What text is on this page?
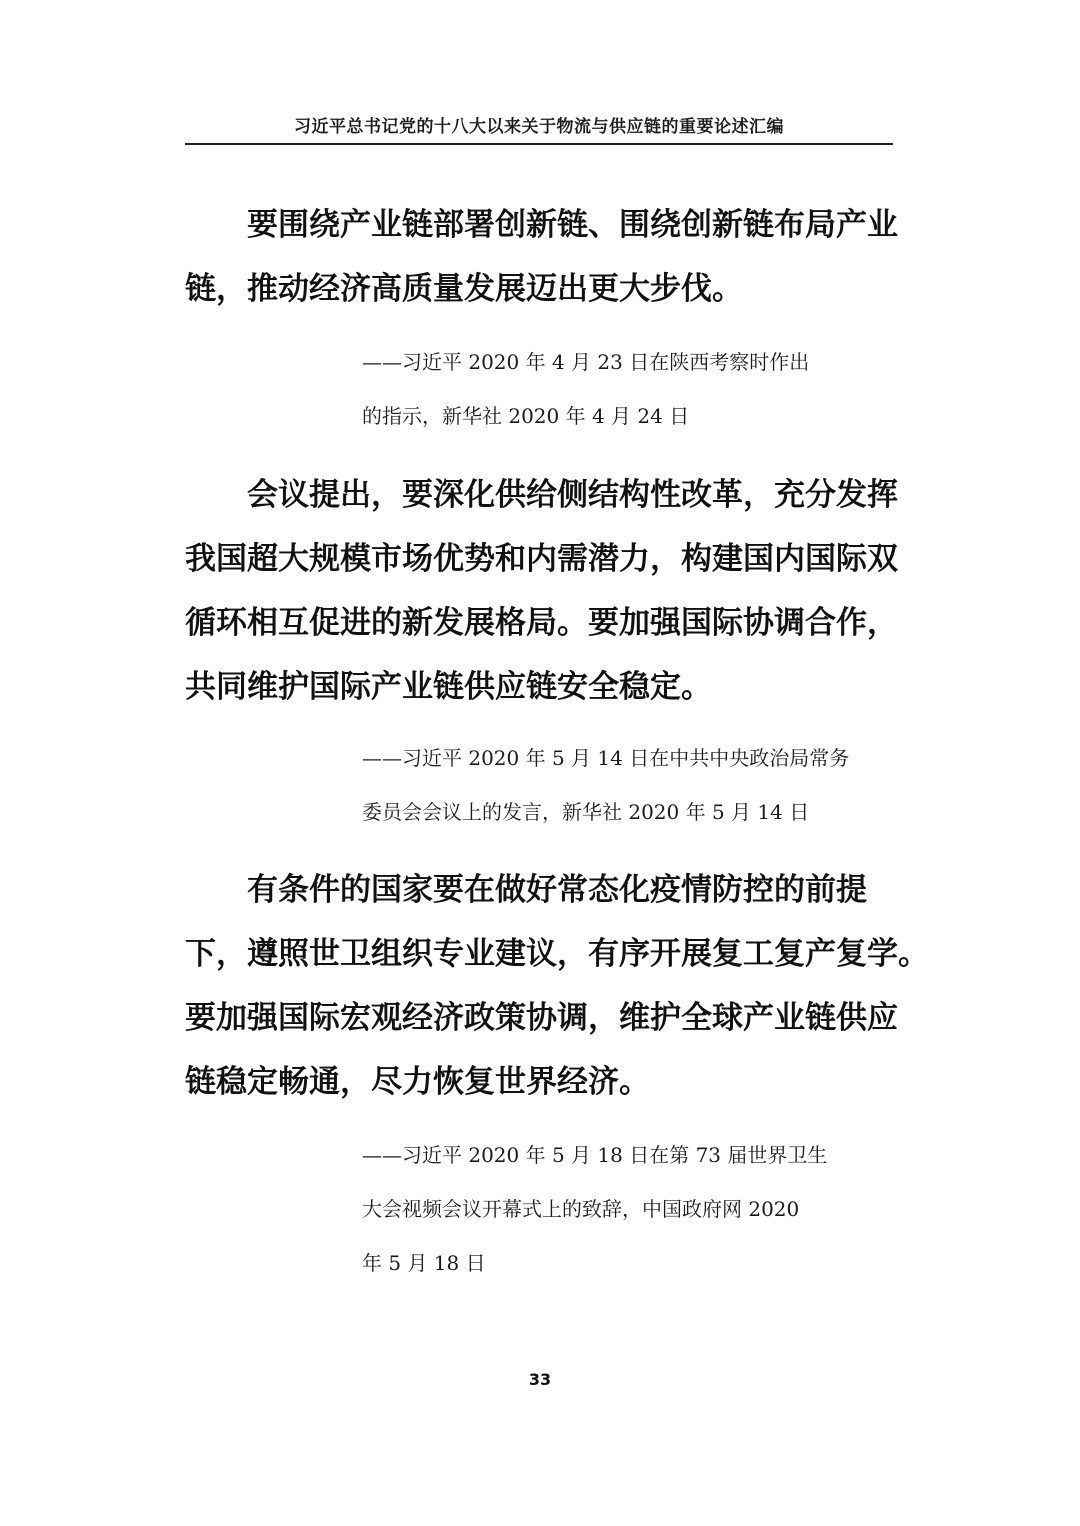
习近平总书记党的十八大以来关于物流与供应链的重要论述汇编
要围绕产业链部署创新链、围绕创新链布局产业
链，推动经济高质量发展迈出更大步伐。
——习近平 2020 年 4 月 23 日在陕西考察时作出
的指示，新华社 2020 年 4 月 24 日
会议提出，要深化供给侧结构性改革，充分发挥
我国超大规模市场优势和内需潜力，构建国内国际双
循环相互促进的新发展格局。要加强国际协调合作，
共同维护国际产业链供应链安全稳定。
——习近平 2020 年 5 月 14 日在中共中央政治局常务
委员会会议上的发言，新华社 2020 年 5 月 14 日
有条件的国家要在做好常态化疫情防控的前提
下，遵照世卫组织专业建议，有序开展复工复产复学。
要加强国际宏观经济政策协调，维护全球产业链供应
链稳定畅通，尽力恢复世界经济。
——习近平 2020 年 5 月 18 日在第 73 届世界卫生
大会视频会议开幕式上的致辞，中国政府网 2020
年 5 月 18 日
33
